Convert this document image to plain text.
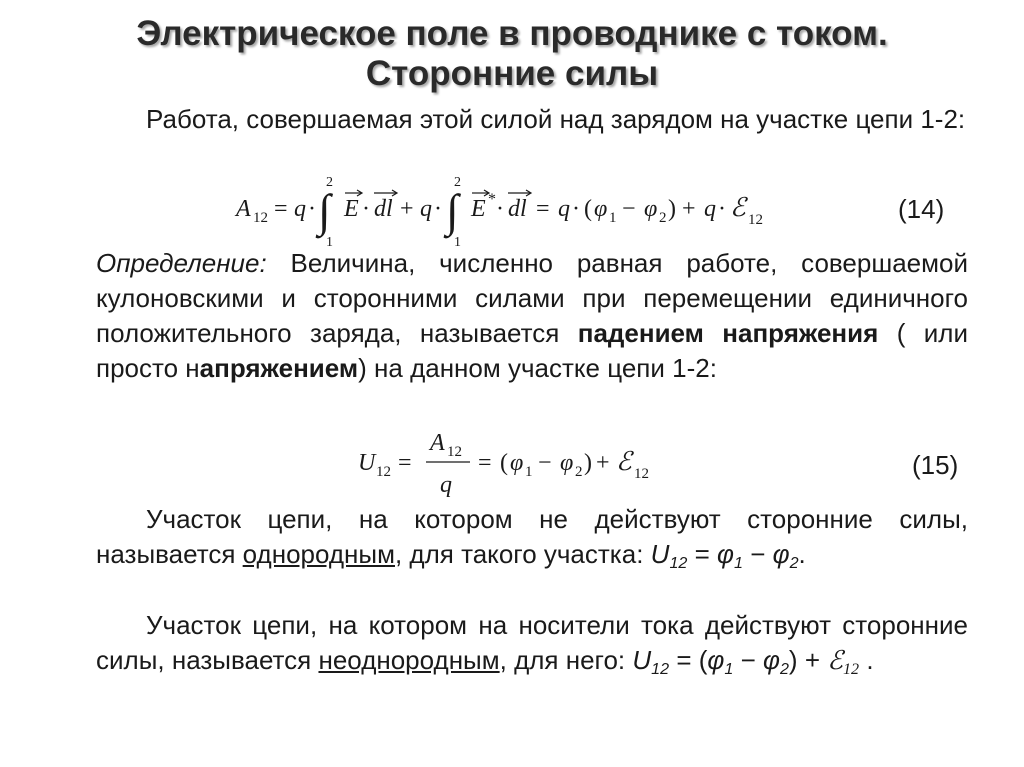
Электрическое поле в проводнике с током.
Сторонние силы
Работа, совершаемая этой силой над зарядом на участке цепи 1-2:
A 12 = q ·
2
∫
1
E · dl + q ·
2
∫
1
E * · dl = q · ( φ 1 − φ 2 ) + q · ℰ 12	(14)
Определение: Величина, численно равная работе, совершаемой кулоновскими и сторонними силами при перемещении единичного положительного заряда, называется падением напряжения ( или просто напряжением) на данном участке цепи 1-2:
U 12 =
A 12
q
= ( φ 1 − φ 2 ) + ℰ 12	(15)
Участок цепи, на котором не действуют сторонние силы, называется однородным, для такого участка: $U_{12} = \varphi_1 - \varphi_2$.
Участок цепи, на котором на носители тока действуют сторонние силы, называется неоднородным, для него: $U_{12} = (\varphi_1 - \varphi_2)$ + ℰ$_{12}$ .
